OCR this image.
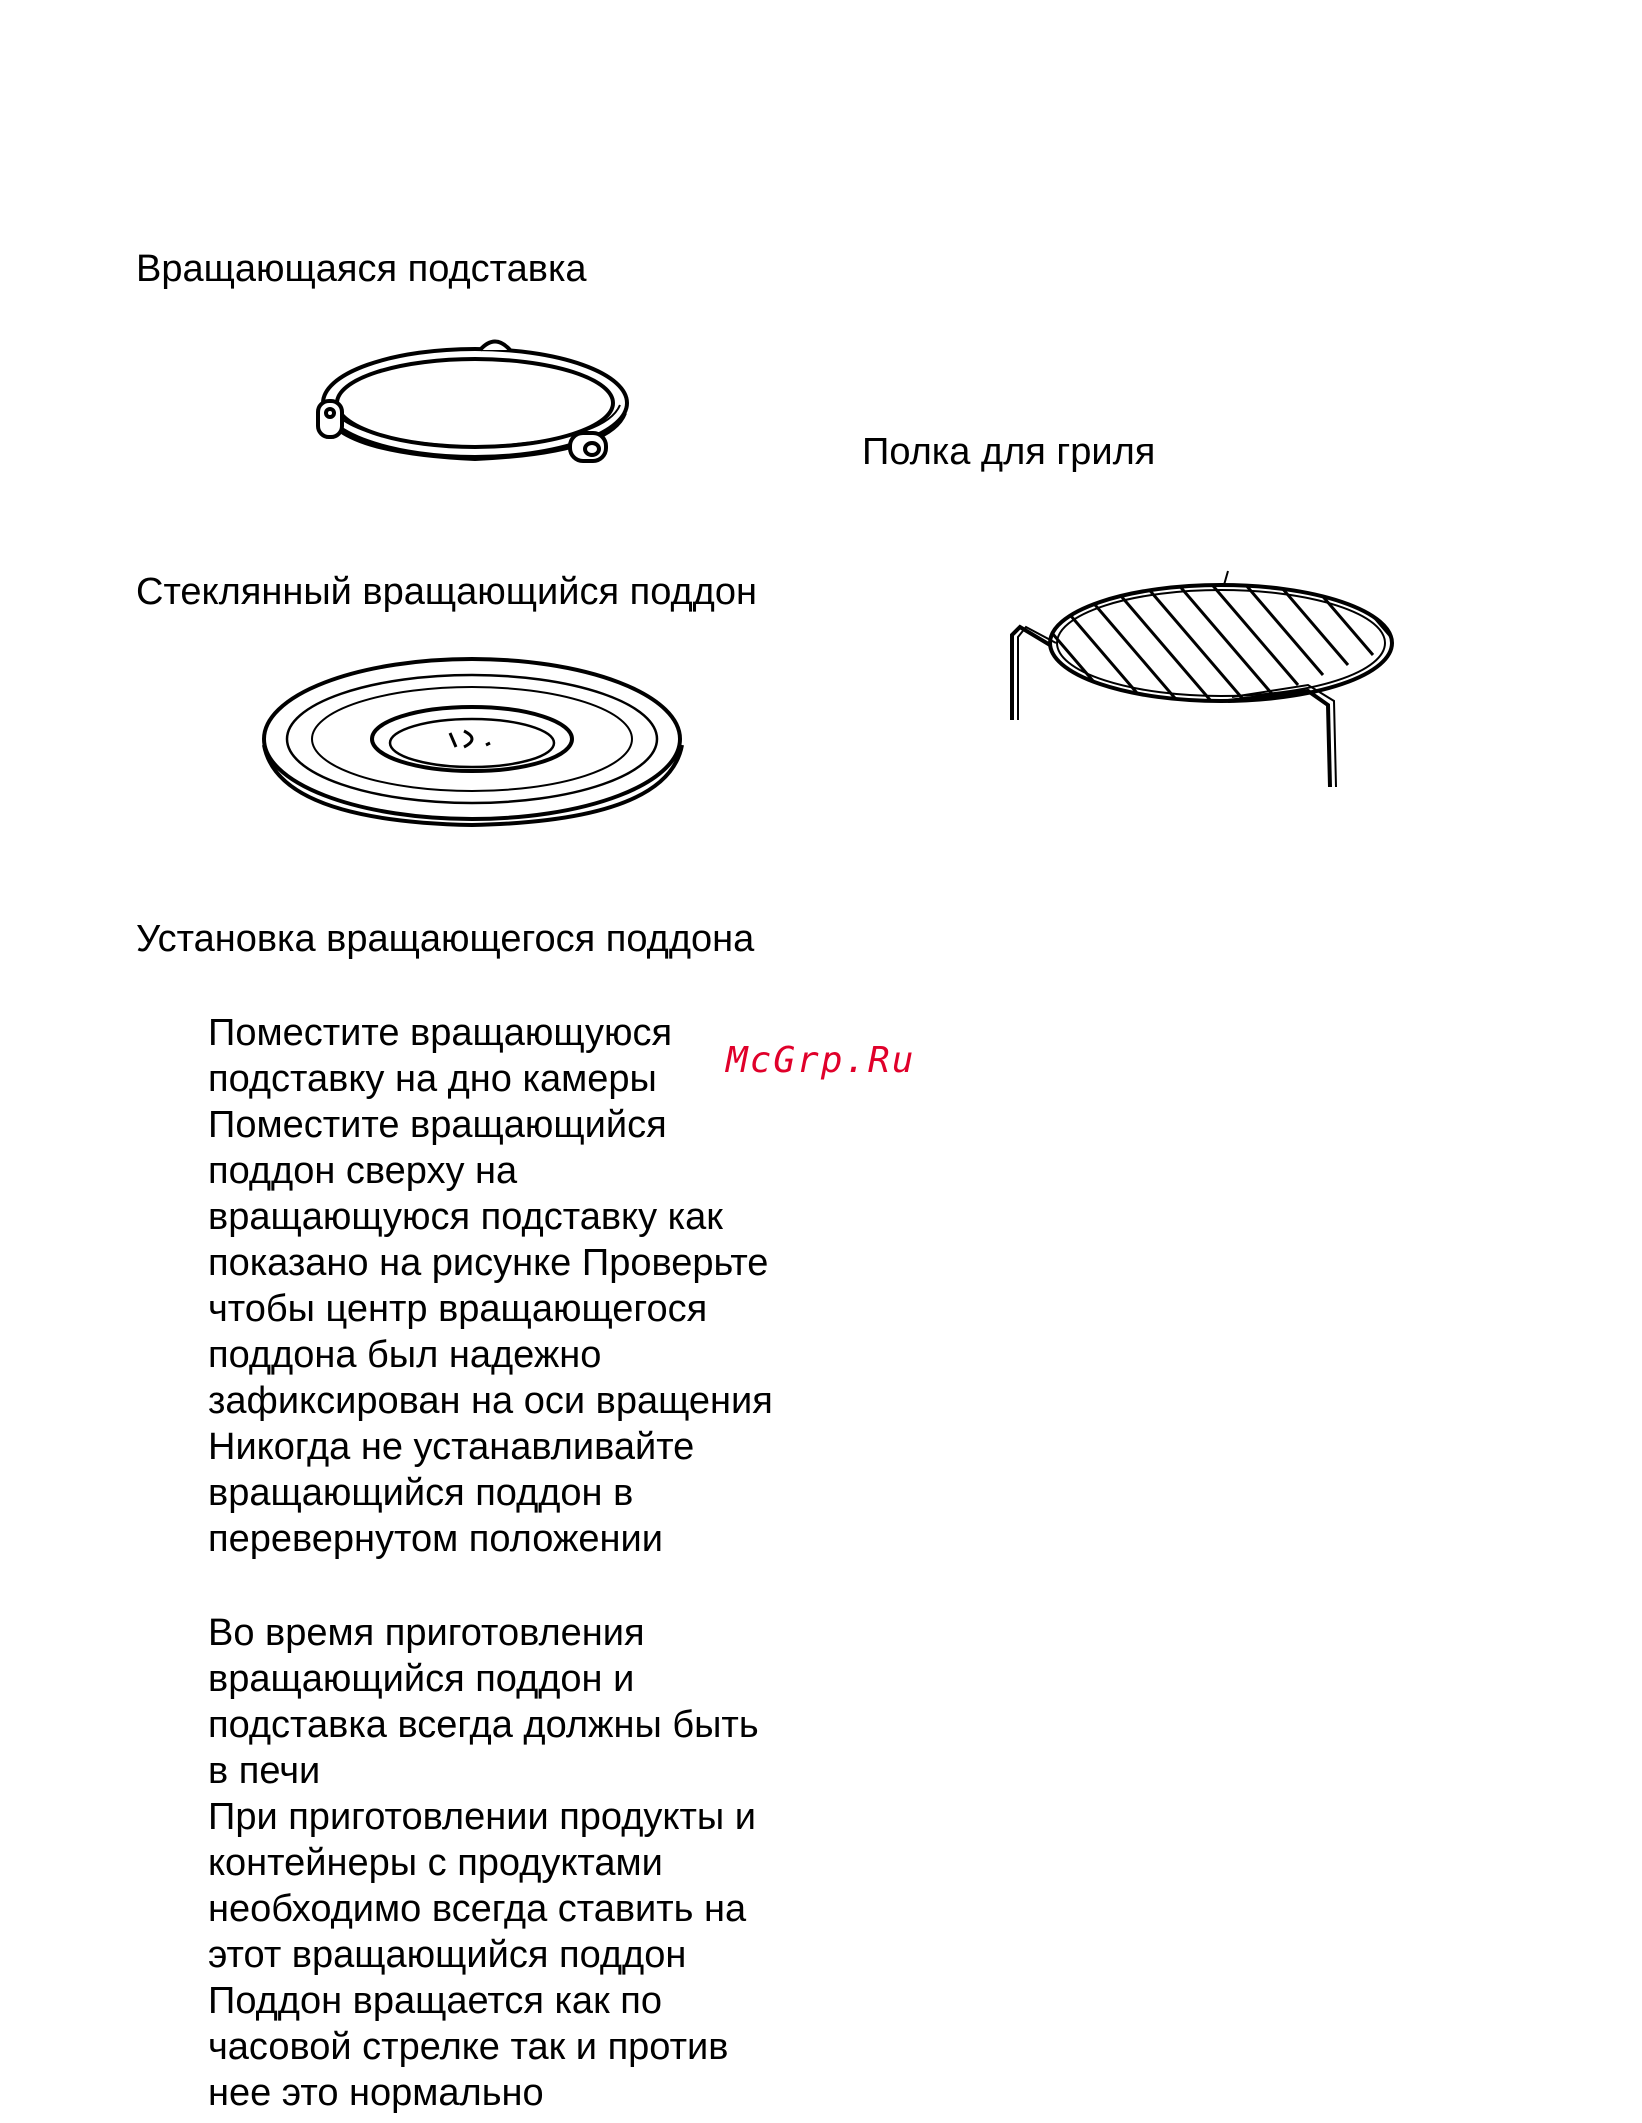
Вращающаяся подставка
Полка для гриля
Стеклянный вращающийся поддон
Установка вращающегося поддона

Поместите вращающуюся
подставку на дно камеры
Поместите вращающийся
поддон сверху на
вращающуюся подставку как
показано на рисунке Проверьте
чтобы центр вращающегося
поддона был надежно
зафиксирован на оси вращения
Никогда не устанавливайте
вращающийся поддон в
перевернутом положении

Во время приготовления
вращающийся поддон и
подставка всегда должны быть
в печи
При приготовлении продукты и
контейнеры с продуктами
необходимо всегда ставить на
этот вращающийся поддон
Поддон вращается как по
часовой стрелке так и против
нее это нормально

McGrp.Ru
